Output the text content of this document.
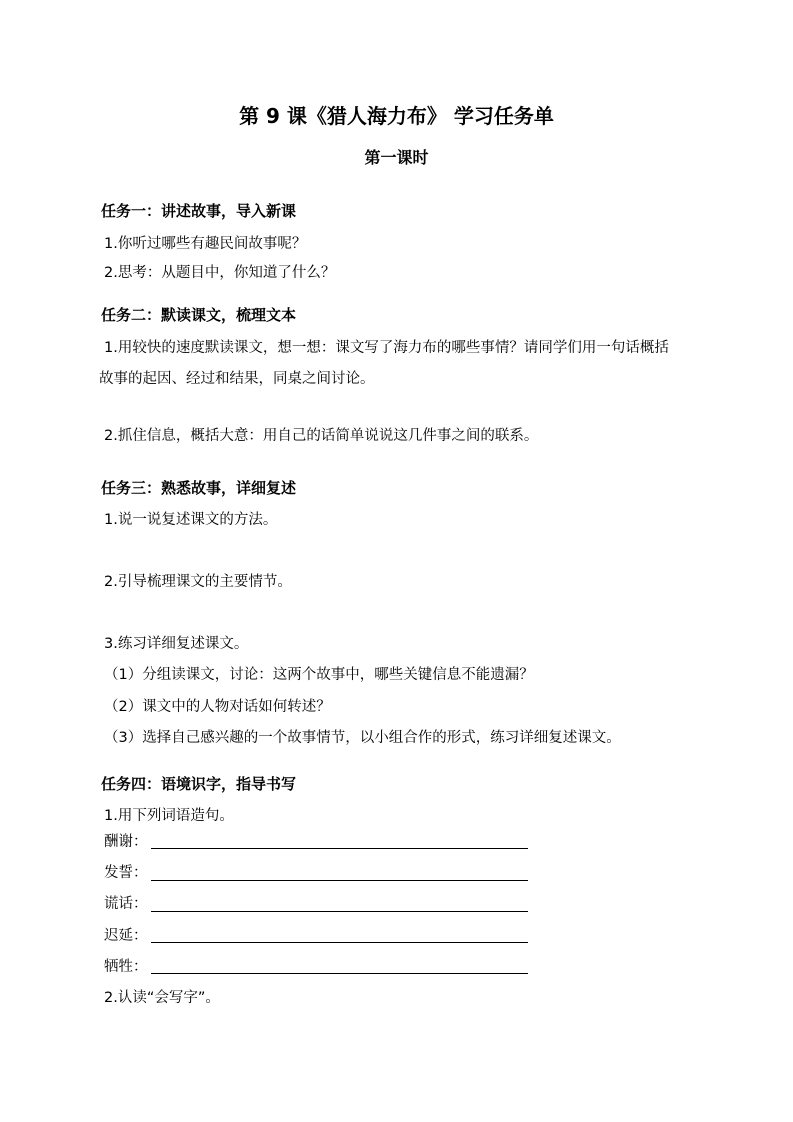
第 9 课《猎人海力布》 学习任务单
第一课时
任务一：讲述故事，导入新课
1.你听过哪些有趣民间故事呢？
2.思考：从题目中，你知道了什么？
任务二：默读课文，梳理文本
1.用较快的速度默读课文，想一想：课文写了海力布的哪些事情？请同学们用一句话概括
故事的起因、经过和结果，同桌之间讨论。
2.抓住信息，概括大意：用自己的话简单说说这几件事之间的联系。
任务三：熟悉故事，详细复述
1.说一说复述课文的方法。
2.引导梳理课文的主要情节。
3.练习详细复述课文。
（1）分组读课文，讨论：这两个故事中，哪些关键信息不能遗漏？
（2）课文中的人物对话如何转述？
（3）选择自己感兴趣的一个故事情节，以小组合作的形式，练习详细复述课文。
任务四：语境识字，指导书写
1.用下列词语造句。
酬谢：
发誓：
谎话：
迟延：
牺牲：
2.认读“会写字”。
